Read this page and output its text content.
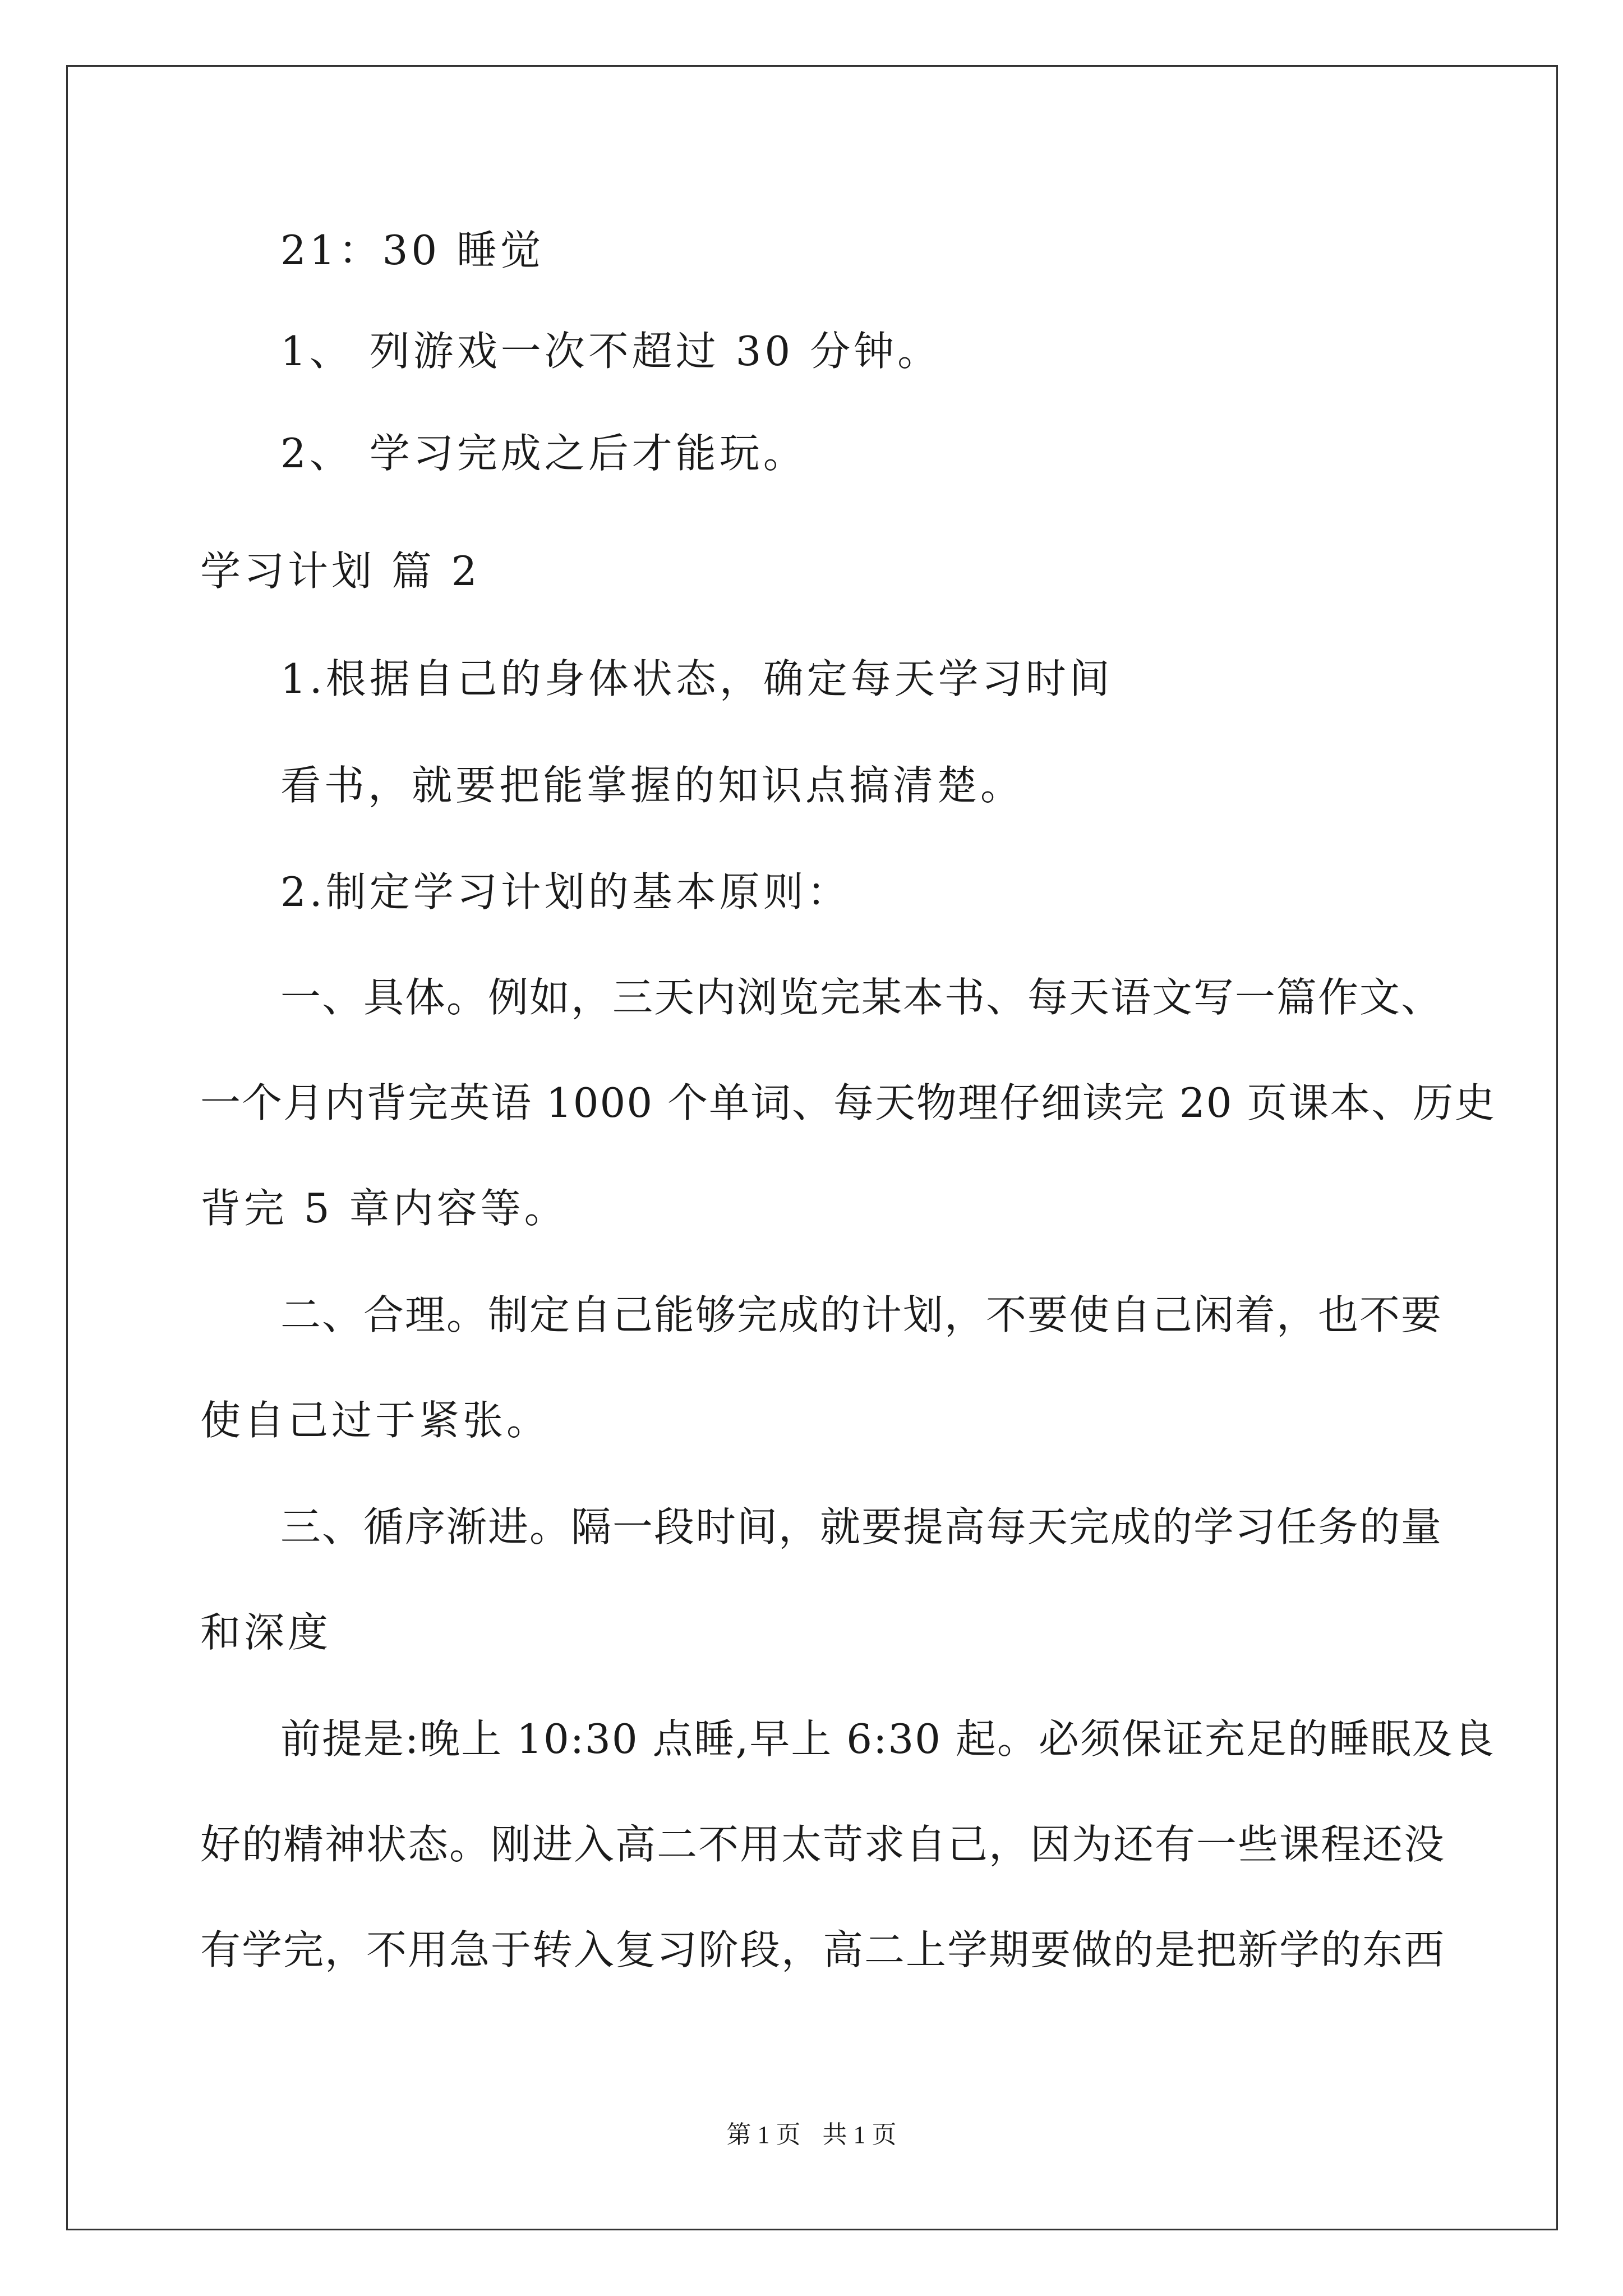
21：30 睡觉
1、 列游戏一次不超过 30 分钟。
2、 学习完成之后才能玩。
学习计划 篇 2
1.根据自己的身体状态，确定每天学习时间
看书，就要把能掌握的知识点搞清楚。
2.制定学习计划的基本原则：
一、具体。例如，三天内浏览完某本书、每天语文写一篇作文、
一个月内背完英语 1000 个单词、每天物理仔细读完 20 页课本、历史
背完 5 章内容等。
二、合理。制定自己能够完成的计划，不要使自己闲着，也不要
使自己过于紧张。
三、循序渐进。隔一段时间，就要提高每天完成的学习任务的量
和深度
前提是:晚上 10:30 点睡,早上 6:30 起。必须保证充足的睡眠及良
好的精神状态。刚进入高二不用太苛求自己，因为还有一些课程还没
有学完，不用急于转入复习阶段，高二上学期要做的是把新学的东西
第 1 页 共 1 页
